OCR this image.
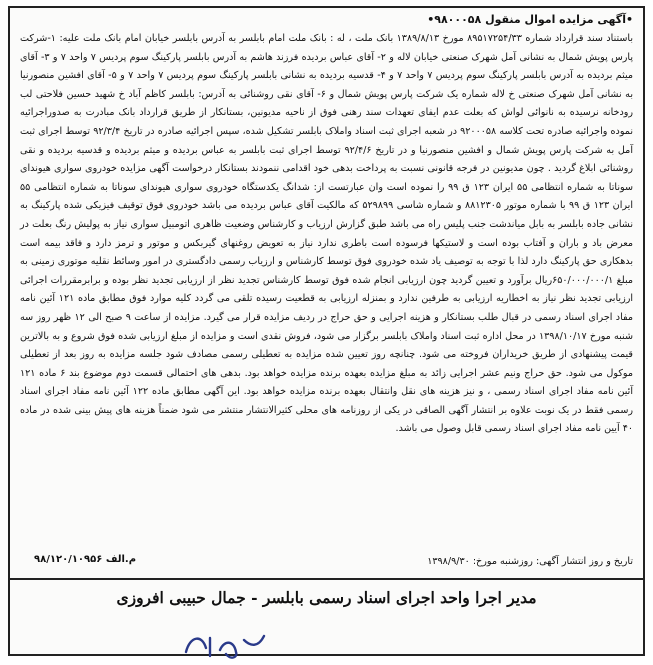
•آگهی مزایده اموال منقول ۹۸۰۰۰۵۸•
باستناد سند قرارداد شماره ۸۹۵۱۷۲۵۴/۳۳ مورخ ۱۳۸۹/۸/۱۳ بانک ملت ، له : بانک ملت امام بابلسر به آدرس بابلسر خیابان امام بانک ملت علیه: ۱-شرکت پارس پویش شمال به نشانی آمل شهرک صنعتی خیابان لاله و ۲- آقای عباس بردیده فرزند هاشم به آدرس بابلسر پارکینگ سوم پردیس ۷ واحد ۷ و ۳- آقای میثم بردیده به آدرس بابلسر پارکینگ سوم پردیس ۷ واحد ۷ و ۴- قدسیه بردیده به نشانی بابلسر پارکینگ سوم پردیس ۷ واحد ۷ و ۵- آقای افشین منصورنیا به نشانی آمل شهرک صنعتی خ لاله شماره یک شرکت پارس پویش شمال و ۶- آقای نقی روشنائی به آدرس: بابلسر کاظم آباد خ شهید حسین فلاحتی لب رودخانه نرسیده به نانوائی لواش که بعلت عدم ایفای تعهدات سند رهنی فوق از ناحیه مدیونین، بستانکار از طریق قرارداد بانک مبادرت به صدوراجرائیه نموده واجرائیه صادره تحت کلاسه ۹۲۰۰۰۵۸ در شعبه اجرای ثبت اسناد واملاک بابلسر تشکیل شده، سپس اجرائیه صادره در تاریخ ۹۲/۳/۴ توسط اجرای ثبت آمل به شرکت پارس پویش شمال و افشین منصورنیا و در تاریخ ۹۲/۴/۶ توسط اجرای ثبت بابلسر به عباس بردیده و میثم بردیده و قدسیه بردیده و نقی روشنائی ابلاغ گردید . چون مدیونین در فرجه قانونی نسبت به پرداخت بدهی خود اقدامی ننمودند بستانکار درخواست آگهی مزایده خودروی سواری هیوندای سوناتا به شماره انتظامی ۵۵ ایران ۱۲۳ ق ۹۹ را نموده است وان عبارتست از: شدانگ یکدستگاه خودروی سواری هیوندای سوناتا به شماره انتظامی ۵۵ ایران ۱۲۳ ق ۹۹ با شماره موتور ۸۸۱۲۳۰۵ و شماره شاسی ۵۲۹۸۹۹ که مالکیت آقای عباس بردیده می باشد خودروی فوق توقیف فیزیکی شده پارکینگ به نشانی جاده بابلسر به بابل میاندشت جنب پلیس راه می باشد طبق گزارش ارزیاب و کارشناس وضعیت ظاهری اتومبیل سواری نیاز به پولیش رنگ بعلت در معرض باد و باران و آفتاب بوده است و لاستیکها فرسوده است باطری ندارد نیاز به تعویض روغنهای گیربکس و موتور و ترمز دارد و فاقد بیمه است بدهکاری حق پارکینگ دارد لذا با توجه به توصیف یاد شده خودروی فوق توسط کارشناس و ارزیاب رسمی دادگستری در امور وسائط نقلیه موتوری زمینی به مبلغ ۶۵۰/۰۰۰/۰۰۰/۱ریال برآورد و تعیین گردید چون ارزیابی انجام شده فوق توسط کارشناس تجدید نظر از ارزیابی تجدید نظر بوده و برابرمقررات اجرائی ارزیابی تجدید نظر نیاز به اخطاریه ارزیابی به طرفین ندارد و بمنزله ارزیابی به قطعیت رسیده تلقی می گردد کلیه موارد فوق مطابق ماده ۱۲۱ آئین نامه مفاد اجرای اسناد رسمی در قبال طلب بستانکار و هزینه اجرایی و حق حراج در ردیف مزایده قرار می گیرد. مزایده از ساعت ۹ صبح الی ۱۲ ظهر روز سه شنبه مورخ ۱۳۹۸/۱۰/۱۷ در محل اداره ثبت اسناد واملاک بابلسر برگزار می شود، فروش نقدی است و مزایده از مبلغ ارزیابی شده فوق شروع و به بالاترین قیمت پیشنهادی از طریق خریداران فروخته می شود. چنانچه روز تعیین شده مزایده به تعطیلی رسمی مصادف شود جلسه مزایده به روز بعد از تعطیلی موکول می شود. حق حراج ونیم عشر اجرایی زائد به مبلغ مزایده بعهده برنده مزایده خواهد بود. بدهی های احتمالی قسمت دوم موضوع بند ۶ ماده ۱۲۱ آئین نامه مفاد اجرای اسناد رسمی ، و نیز هزینه های نقل وانتقال بعهده برنده مزایده خواهد بود. این آگهی مطابق ماده ۱۲۲ آئین نامه مفاد اجرای اسناد رسمی فقط در یک نوبت علاوه بر انتشار آگهی الصاقی در یکی از روزنامه های محلی کثیرالانتشار منتشر می شود ضمناً هزینه های پیش بینی شده در ماده ۴۰ آیین نامه مفاد اجرای اسناد رسمی قابل وصول می باشد.
تاریخ و روز انتشار آگهی: روزشنبه مورخ: ۱۳۹۸/۹/۳۰
م.الف ۹۸/۱۲۰/۱۰۹۵۶
مدیر اجرا واحد اجرای اسناد رسمی بابلسر - جمال حبیبی افروزی
